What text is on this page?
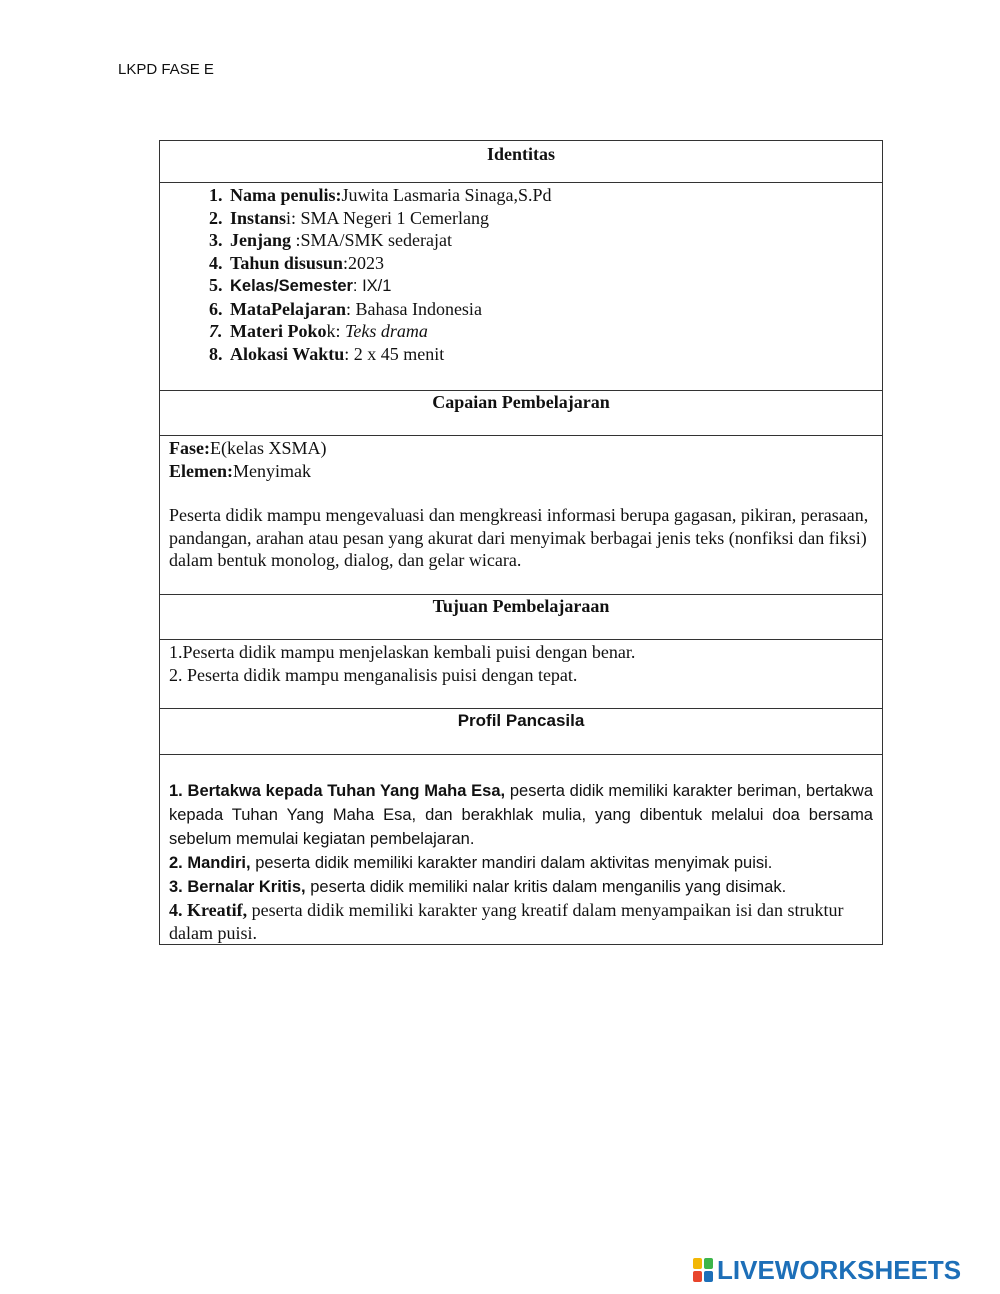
LKPD FASE E
Identitas

1. Nama penulis:Juwita Lasmaria Sinaga,S.Pd
2. Instansi: SMA Negeri 1 Cemerlang
3. Jenjang :SMA/SMK sederajat
4. Tahun disusun:2023
5. Kelas/Semester: IX/1
6. MataPelajaran: Bahasa Indonesia
7. Materi Pokok: Teks drama
8. Alokasi Waktu: 2 x 45 menit

Capaian Pembelajaran

Fase:E(kelas XSMA)
Elemen:Menyimak
Peserta didik mampu mengevaluasi dan mengkreasi informasi berupa gagasan, pikiran, perasaan, pandangan, arahan atau pesan yang akurat dari menyimak berbagai jenis teks (nonfiksi dan fiksi) dalam bentuk monolog, dialog, dan gelar wicara.

Tujuan Pembelajaraan

1.Peserta didik mampu menjelaskan kembali puisi dengan benar.
2. Peserta didik mampu menganalisis puisi dengan tepat.

Profil Pancasila

1. Bertakwa kepada Tuhan Yang Maha Esa, peserta didik memiliki karakter beriman, bertakwa kepada Tuhan Yang Maha Esa, dan berakhlak mulia, yang dibentuk melalui doa bersama sebelum memulai kegiatan pembelajaran.
2. Mandiri, peserta didik memiliki karakter mandiri dalam aktivitas menyimak puisi.
3. Bernalar Kritis, peserta didik memiliki nalar kritis dalam menganilis yang disimak.
4. Kreatif, peserta didik memiliki karakter yang kreatif dalam menyampaikan isi dan struktur dalam puisi.
LIVEWORKSHEETS
